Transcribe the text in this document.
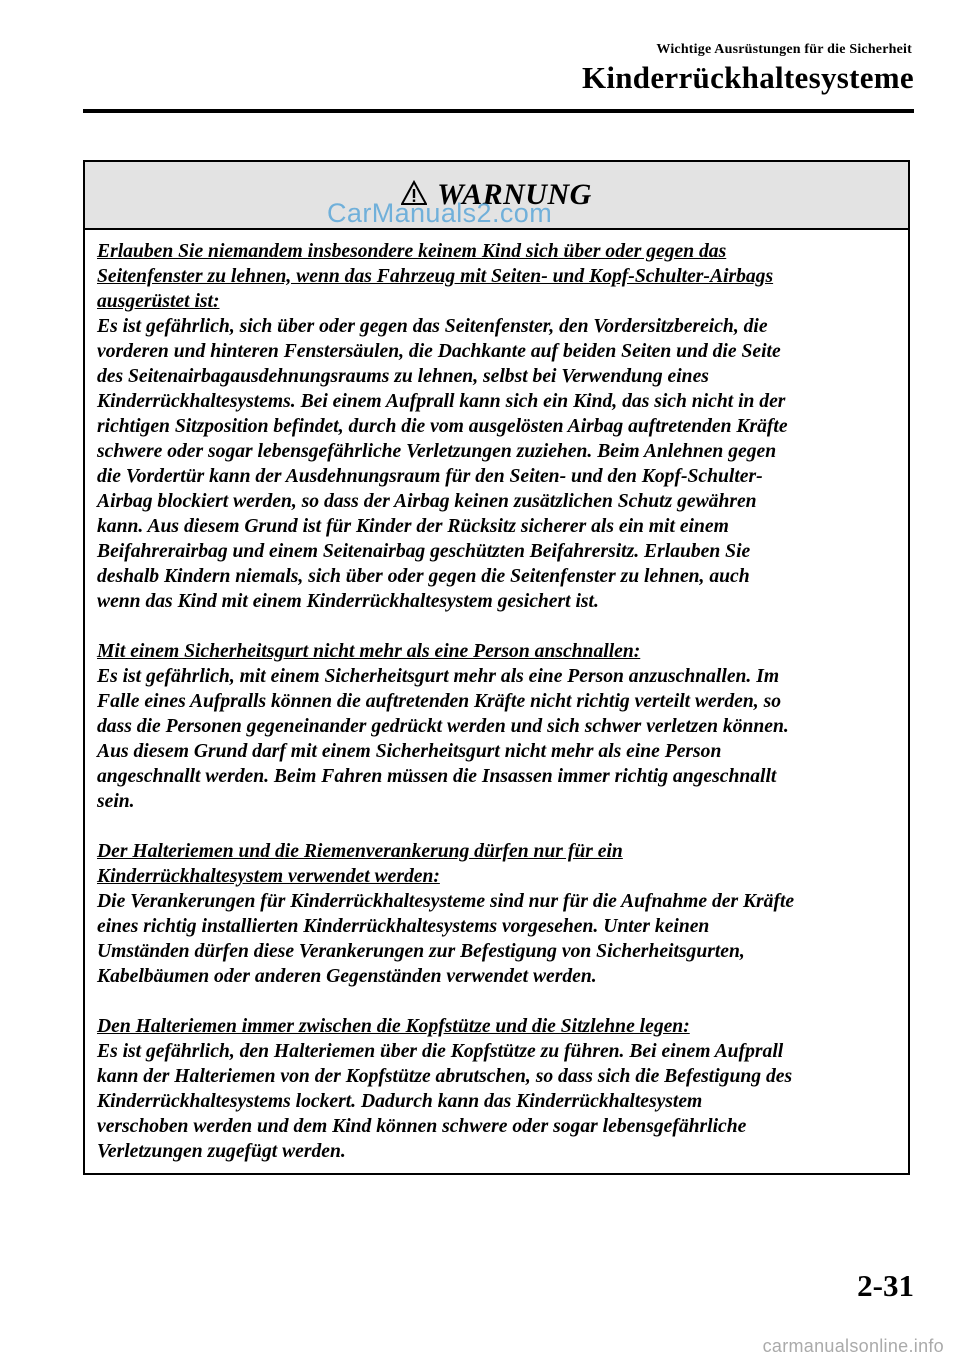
Wichtige Ausrüstungen für die Sicherheit
Kinderrückhaltesysteme
WARNUNG
CarManuals2.com
Erlauben Sie niemandem insbesondere keinem Kind sich über oder gegen das
Seitenfenster zu lehnen, wenn das Fahrzeug mit Seiten- und Kopf-Schulter-Airbags
ausgerüstet ist:
Es ist gefährlich, sich über oder gegen das Seitenfenster, den Vordersitzbereich, die
vorderen und hinteren Fenstersäulen, die Dachkante auf beiden Seiten und die Seite
des Seitenairbagausdehnungsraums zu lehnen, selbst bei Verwendung eines
Kinderrückhaltesystems. Bei einem Aufprall kann sich ein Kind, das sich nicht in der
richtigen Sitzposition befindet, durch die vom ausgelösten Airbag auftretenden Kräfte
schwere oder sogar lebensgefährliche Verletzungen zuziehen. Beim Anlehnen gegen
die Vordertür kann der Ausdehnungsraum für den Seiten- und den Kopf-Schulter-
Airbag blockiert werden, so dass der Airbag keinen zusätzlichen Schutz gewähren
kann. Aus diesem Grund ist für Kinder der Rücksitz sicherer als ein mit einem
Beifahrerairbag und einem Seitenairbag geschützten Beifahrersitz. Erlauben Sie
deshalb Kindern niemals, sich über oder gegen die Seitenfenster zu lehnen, auch
wenn das Kind mit einem Kinderrückhaltesystem gesichert ist.
Mit einem Sicherheitsgurt nicht mehr als eine Person anschnallen:
Es ist gefährlich, mit einem Sicherheitsgurt mehr als eine Person anzuschnallen. Im
Falle eines Aufpralls können die auftretenden Kräfte nicht richtig verteilt werden, so
dass die Personen gegeneinander gedrückt werden und sich schwer verletzen können.
Aus diesem Grund darf mit einem Sicherheitsgurt nicht mehr als eine Person
angeschnallt werden. Beim Fahren müssen die Insassen immer richtig angeschnallt
sein.
Der Halteriemen und die Riemenverankerung dürfen nur für ein
Kinderrückhaltesystem verwendet werden:
Die Verankerungen für Kinderrückhaltesysteme sind nur für die Aufnahme der Kräfte
eines richtig installierten Kinderrückhaltesystems vorgesehen. Unter keinen
Umständen dürfen diese Verankerungen zur Befestigung von Sicherheitsgurten,
Kabelbäumen oder anderen Gegenständen verwendet werden.
Den Halteriemen immer zwischen die Kopfstütze und die Sitzlehne legen:
Es ist gefährlich, den Halteriemen über die Kopfstütze zu führen. Bei einem Aufprall
kann der Halteriemen von der Kopfstütze abrutschen, so dass sich die Befestigung des
Kinderrückhaltesystems lockert. Dadurch kann das Kinderrückhaltesystem
verschoben werden und dem Kind können schwere oder sogar lebensgefährliche
Verletzungen zugefügt werden.
2-31
carmanualsonline.info
